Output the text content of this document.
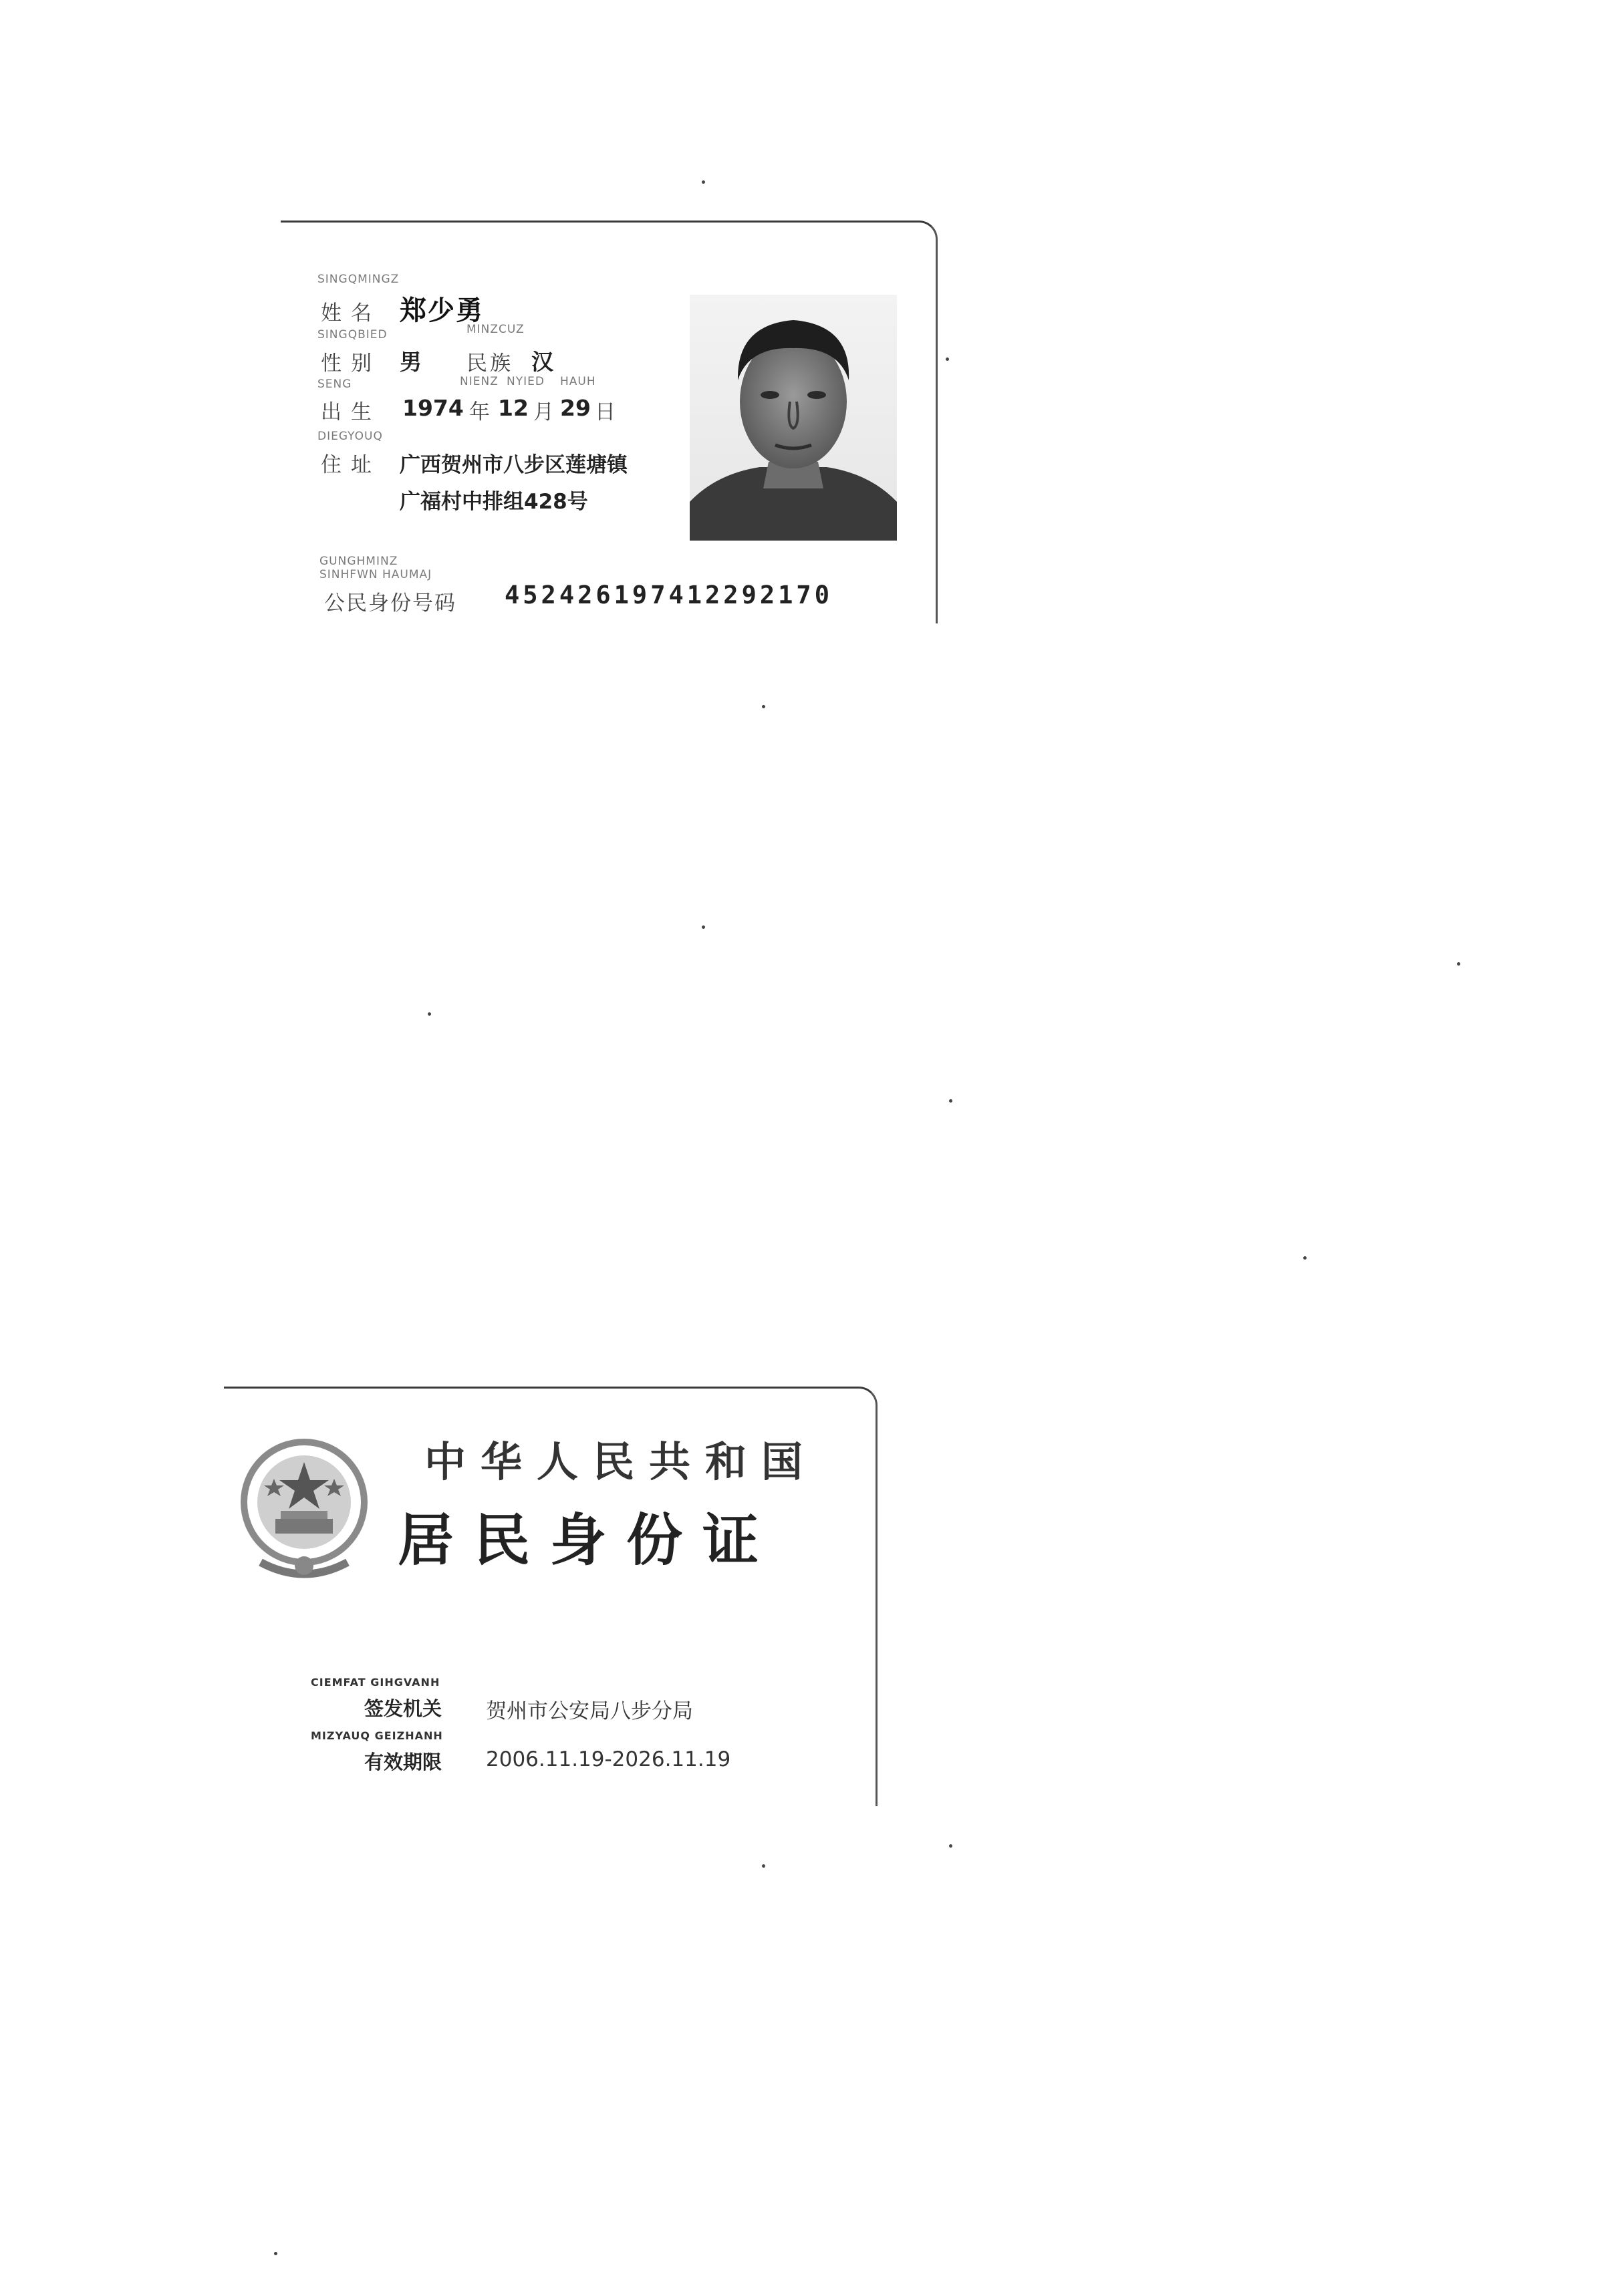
SINGQMINGZ
姓名 郑少勇
SINGQBIED	MINZCUZ
性别 男 民族 汉
SENG	NIENZ NYIED HAUH
出生 1974 年 12 月 29 日
DIEGYOUQ
住址 广西贺州市八步区莲塘镇
广福村中排组428号
GUNGHMINZ
SINHFWN HAUMAJ
公民身份号码 452426197412292170
中华人民共和国
居民身份证
CIEMFAT GIHGVANH
签发机关 贺州市公安局八步分局
MIZYAUQ GEIZHANH
有效期限 2006.11.19-2026.11.19
